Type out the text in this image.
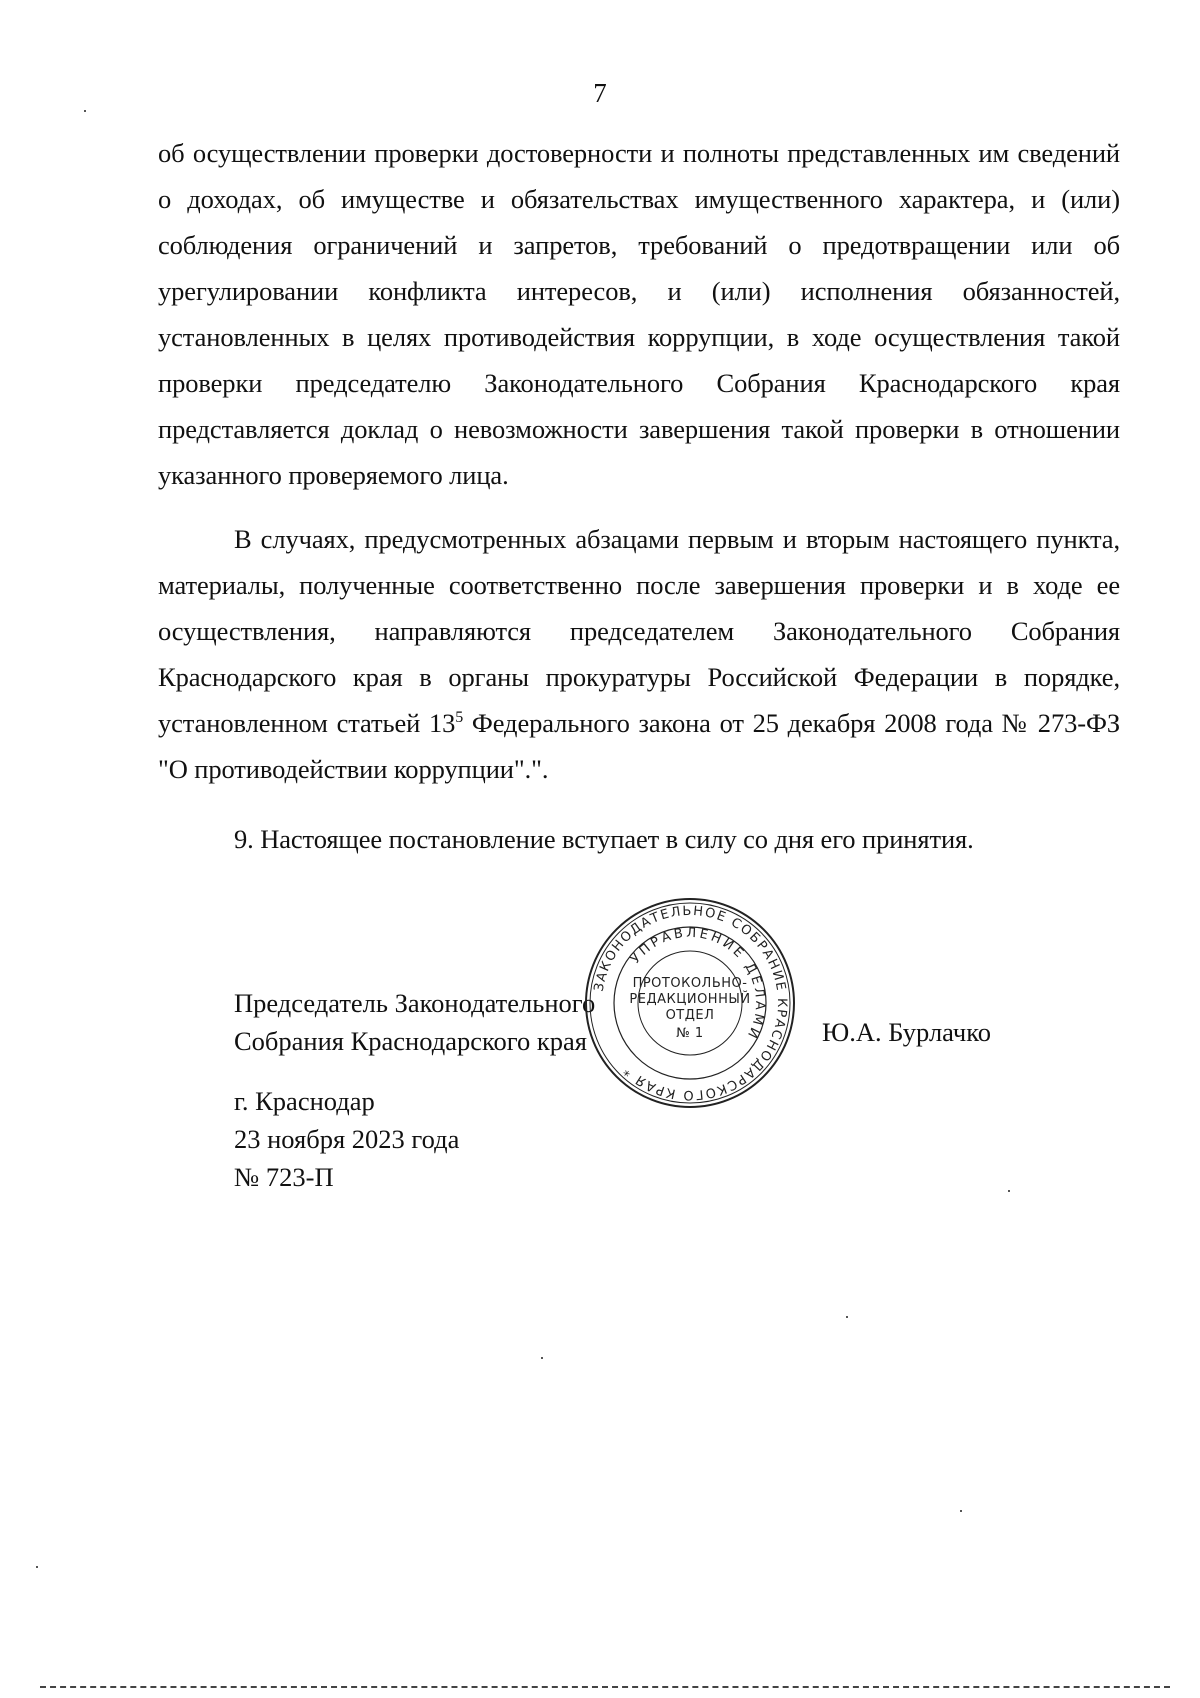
7

об осуществлении проверки достоверности и полноты представленных им сведений о доходах, об имуществе и обязательствах имущественного характера, и (или) соблюдения ограничений и запретов, требований о предотвращении или об урегулировании конфликта интересов, и (или) исполнения обязанностей, установленных в целях противодействия коррупции, в ходе осуществления такой проверки председателю Законодательного Собрания Краснодарского края представляется доклад о невозможности завершения такой проверки в отношении указанного проверяемого лица.

В случаях, предусмотренных абзацами первым и вторым настоящего пункта, материалы, полученные соответственно после завершения проверки и в ходе ее осуществления, направляются председателем Законодательного Собрания Краснодарского края в органы прокуратуры Российской Федерации в порядке, установленном статьей $13^5$ Федерального закона от 25 декабря 2008 года № 273-ФЗ "О противодействии коррупции".".

9. Настоящее постановление вступает в силу со дня его принятия.

Председатель Законодательного
Собрания Краснодарского края	Ю.А. Бурлачко
г. Краснодар
23 ноября 2023 года
№ 723-П
ЗАКОНОДАТЕЛЬНОЕ СОБРАНИЕ КРАСНОДАРСКОГО КРАЯ *
УПРАВЛЕНИЕ ДЕЛАМИ
ПРОТОКОЛЬНО-
РЕДАКЦИОННЫЙ
ОТДЕЛ
№ 1
